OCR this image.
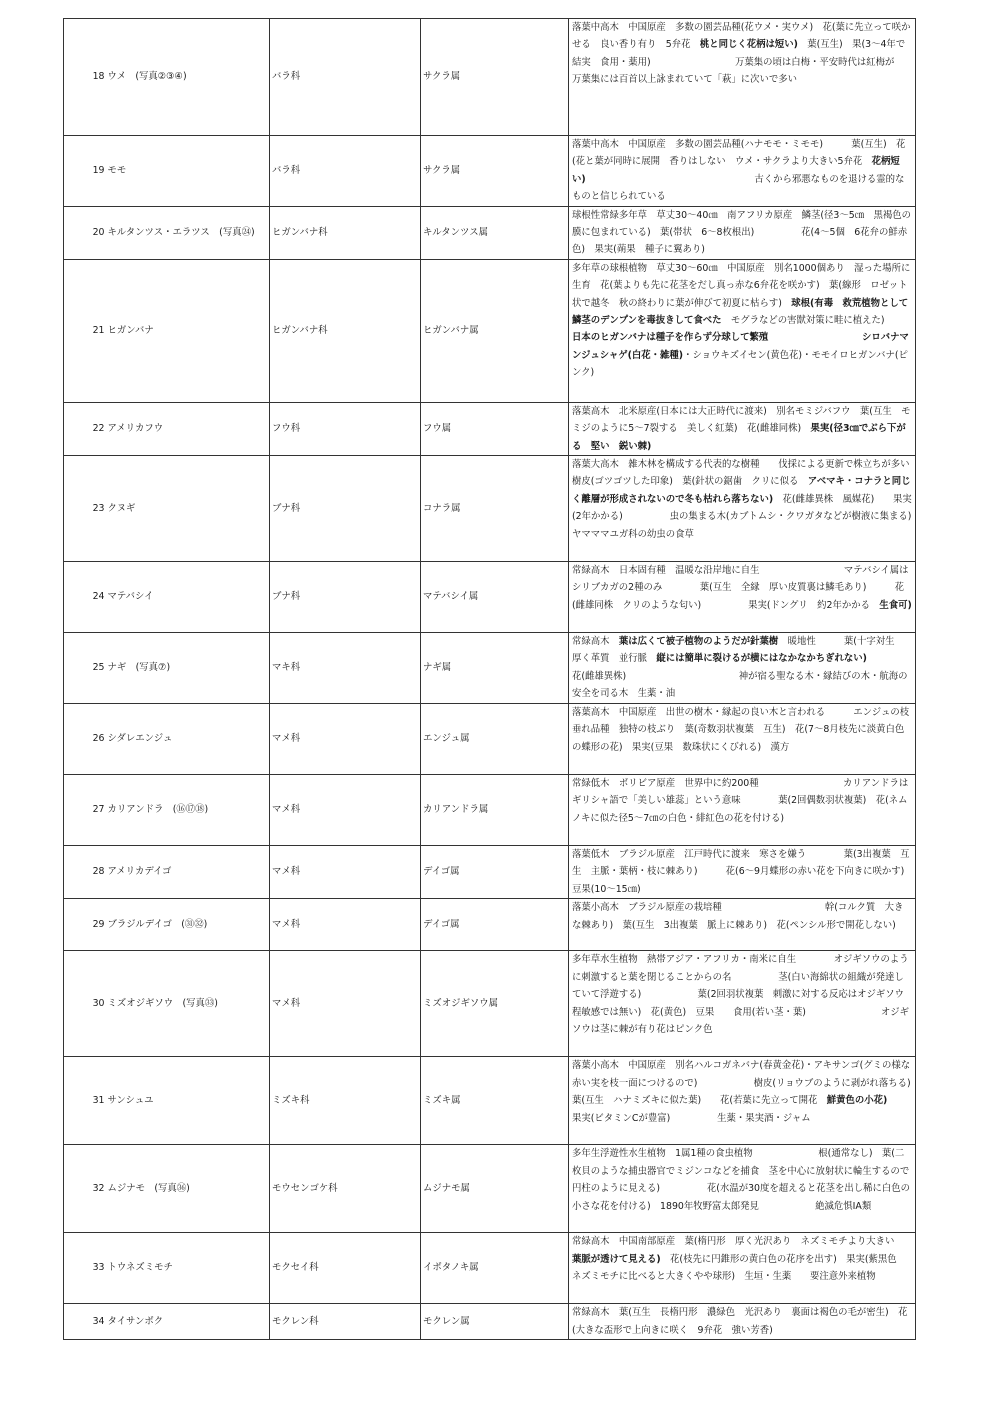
18	ウメ　(写真②③④)	バラ科	サクラ属	落葉中高木　中国原産　多数の園芸品種(花ウメ・実ウメ)　花(葉に先立って咲かせる　良い香り有り　5弁花　桃と同じく花柄は短い)　葉(互生)　果(3～4年で結実　食用・薬用)　　　　　　　　　万葉集の頃は白梅・平安時代は紅梅が　万葉集には百首以上詠まれていて「萩」に次いで多い
19	モモ	バラ科	サクラ属	落葉中高木　中国原産　多数の園芸品種(ハナモモ・ミモモ)　　　葉(互生)　花(花と葉が同時に展開　香りはしない　ウメ・サクラより大きい5弁花　花柄短い)　　　　　　　　　　　　　　　　　　古くから邪悪なものを退ける霊的なものと信じられている
20	キルタンツス・エラツス　(写真㉔)	ヒガンバナ科	キルタンツス属	球根性常緑多年草　草丈30～40㎝　南アフリカ原産　鱗茎(径3～5㎝　黒褐色の膜に包まれている)　葉(帯状　6～8枚根出)　　　　　花(4～5個　6花弁の鮮赤色)　果実(蒴果　種子に翼あり)
21	ヒガンバナ	ヒガンバナ科	ヒガンバナ属	多年草の球根植物　草丈30～60㎝　中国原産　別名1000個あり　湿った場所に生育　花(葉よりも先に花茎をだし真っ赤な6弁花を咲かす)　葉(線形　ロゼット状で越冬　秋の終わりに葉が伸びて初夏に枯らす)　球根(有毒　救荒植物として鱗茎のデンプンを毒抜きして食べた　モグラなどの害獣対策に畦に植えた)　　　　　　　　日本のヒガンバナは種子を作らず分球して繁殖　　　　　　　　　　 シロバナマンジュシャゲ(白花・雑種)・ショウキズイセン(黄色花)・モモイロヒガンバナ(ピンク)
22	アメリカフウ	フウ科	フウ属	落葉高木　北米原産(日本には大正時代に渡来)　別名モミジバフウ　葉(互生　モミジのように5～7裂する　美しく紅葉)　花(雌雄同株)　果実(径3㎝でぶら下がる　堅い　鋭い棘)
23	クヌギ	ブナ科	コナラ属	落葉大高木　雑木林を構成する代表的な樹種　　伐採による更新で株立ちが多い　樹皮(ゴツゴツした印象)　葉(針状の鋸歯　クリに似る　アベマキ・コナラと同じく離層が形成されないので冬も枯れら落ちない)　花(雌雄異株　風媒花)　　果実(2年かかる)　　　　　虫の集まる木(カブトムシ・クワガタなどが樹液に集まる)　　　　ヤマママユガ科の幼虫の食草
24	マテバシイ	ブナ科	マテバシイ属	常緑高木　日本固有種　温暖な沿岸地に自生　　　　　　　　　マテバシイ属はシリブカガの2種のみ　　　　葉(互生　全縁　厚い皮質裏は鱗毛あり)　　　花(雌雄同株　クリのような匂い)　　　　　果実(ドングリ　約2年かかる　生食可)
25	ナギ　(写真⑦)	マキ科	ナギ属	常緑高木　葉は広くて被子植物のようだが針葉樹　暖地性　　　葉(十字対生　厚く革質　並行脈　縦には簡単に裂けるが横にはなかなかちぎれない)　　　　花(雌雄異株)　　　　　　　　　　　　神が宿る聖なる木・縁結びの木・航海の安全を司る木　生薬・油
26	シダレエンジュ	マメ科	エンジュ属	落葉高木　中国原産　出世の樹木・縁起の良い木と言われる　　　エンジュの枝垂れ品種　独特の枝ぶり　葉(奇数羽状複葉　互生)　花(7～8月枝先に淡黄白色の蝶形の花)　果実(豆果　数珠状にくびれる)　漢方
27	カリアンドラ　(⑯⑰⑱)	マメ科	カリアンドラ属	常緑低木　ボリビア原産　世界中に約200種　　　　　　　　　カリアンドラはギリシャ語で「美しい雄蕊」という意味　　　　葉(2回偶数羽状複葉)　花(ネムノキに似た径5～7㎝の白色・緋紅色の花を付ける)
28	アメリカデイゴ	マメ科	デイゴ属	落葉低木　ブラジル原産　江戸時代に渡来　寒さを嫌う　　　　葉(3出複葉　互生　主脈・葉柄・枝に棘あり)　　　花(6～9月蝶形の赤い花を下向きに咲かす)　　　　豆果(10～15㎝)
29	ブラジルデイゴ　(㉛㉜)	マメ科	デイゴ属	落葉小高木　ブラジル原産の栽培種　　　　　　　　　　　幹(コルク質　大きな棘あり)　葉(互生　3出複葉　脈上に棘あり)　花(ペンシル形で開花しない)
30	ミズオジギソウ　(写真㉝)	マメ科	ミズオジギソウ属	多年草水生植物　熱帯アジア・アフリカ・南米に自生　　　　オジギソウのように刺激すると葉を閉じることからの名　　　　　茎(白い海綿状の組織が発達していて浮遊する)　　　　　　葉(2回羽状複葉　刺激に対する反応はオジギソウ程敏感では無い)　花(黄色)　豆果　　食用(若い茎・葉)　　　　　　　　オジギソウは茎に棘が有り花はピンク色
31	サンシュユ	ミズキ科	ミズキ属	落葉小高木　中国原産　別名ハルコガネバナ(春黄金花)・アキサンゴ(グミの様な赤い実を枝一面につけるので)　　　　　　樹皮(リョウブのように剥がれ落ちる)　　　　葉(互生　ハナミズキに似た葉)　　花(若葉に先立って開花　鮮黄色の小花)　　　果実(ビタミンCが豊富)　　　　　生薬・果実酒・ジャム
32	ムジナモ　(写真㊱)	モウセンゴケ科	ムジナモ属	多年生浮遊性水生植物　1属1種の食虫植物　　　　　　　根(通常なし)　葉(二枚貝のような捕虫器官でミジンコなどを捕食　茎を中心に放射状に輪生するので円柱のように見える)　　　　　花(水温が30度を超えると花茎を出し稀に白色の小さな花を付ける)　1890年牧野富太郎発見　　　　　　絶滅危惧IA類
33	トウネズミモチ	モクセイ科	イボタノキ属	常緑高木　中国南部原産　葉(楕円形　厚く光沢あり　ネズミモチより大きい　葉脈が透けて見える)　花(枝先に円錐形の黄白色の花序を出す)　果実(紫黒色　ネズミモチに比べると大きくやや球形)　生垣・生薬　　要注意外来植物
34	タイサンボク	モクレン科	モクレン属	常緑高木　葉(互生　長楕円形　濃緑色　光沢あり　裏面は褐色の毛が密生)　花(大きな盃形で上向きに咲く　9弁花　強い芳香)
